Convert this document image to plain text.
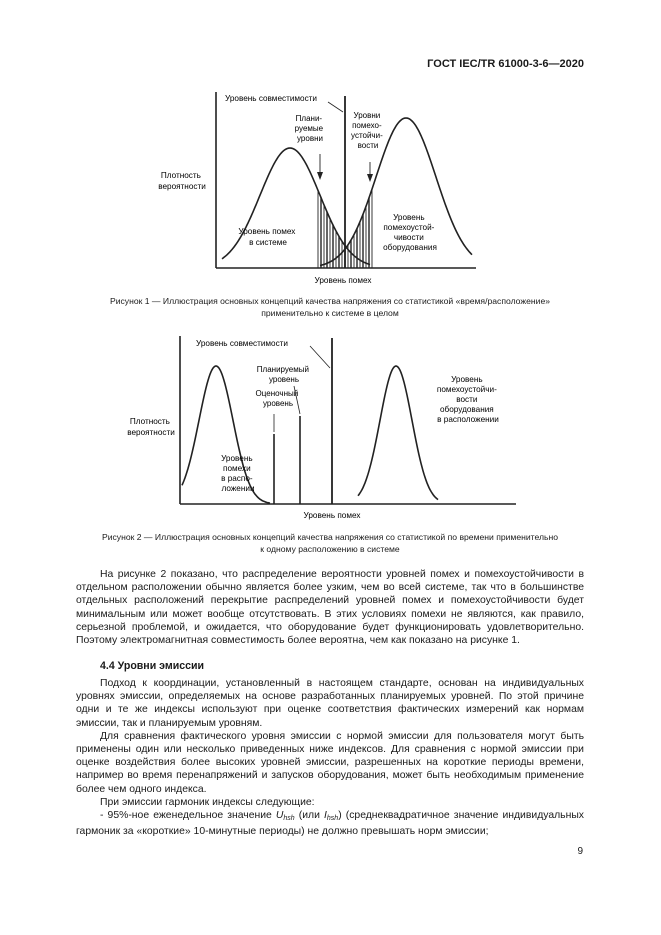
ГОСТ IEC/TR 61000-3-6—2020
Уровень совместимости
Плани- руемые уровни
Уровни помехо- устойчи- вости
Плотность вероятности
Уровень помех в системе
Уровень помехоустой- чивости оборудования
Уровень помех
Рисунок 1 — Иллюстрация основных концепций качества напряжения со статистикой «время/расположение»
применительно к системе в целом
Уровень совместимости
Планируемый уровень
Оценочный уровень
Плотность вероятности
Уровень помехи в распо- ложении
Уровень помехоустойчи- вости оборудования в расположении
Уровень помех
Рисунок 2 — Иллюстрация основных концепций качества напряжения со статистикой по времени применительно
к одному расположению в системе

На рисунке 2 показано, что распределение вероятности уровней помех и помехоустойчивости в отдельном расположении обычно является более узким, чем во всей системе, так что в большинстве отдельных расположений перекрытие распределений уровней помех и помехоустойчивости будет минимальным или может вообще отсутствовать. В этих условиях помехи не являются, как правило, серьезной проблемой, и ожидается, что оборудование будет функционировать удовлетворительно. Поэтому электромагнитная совместимость более вероятна, чем как показано на рисунке 1.

4.4 Уровни эмиссии

Подход к координации, установленный в настоящем стандарте, основан на индивидуальных уровнях эмиссии, определяемых на основе разработанных планируемых уровней. По этой причине одни и те же индексы используют при оценке соответствия фактических измерений как нормам эмиссии, так и планируемым уровням.

Для сравнения фактического уровня эмиссии с нормой эмиссии для пользователя могут быть применены один или несколько приведенных ниже индексов. Для сравнения с нормой эмиссии при оценке воздействия более высоких уровней эмиссии, разрешенных на короткие периоды времени, например во время перенапряжений и запусков оборудования, может быть необходимым применение более чем одного индекса.

При эмиссии гармоник индексы следующие:

- 95%-ное еженедельное значение $U_{hsh}$ (или $I_{hsh}$) (среднеквадратичное значение индивидуальных гармоник за «короткие» 10-минутные периоды) не должно превышать норм эмиссии;

9
